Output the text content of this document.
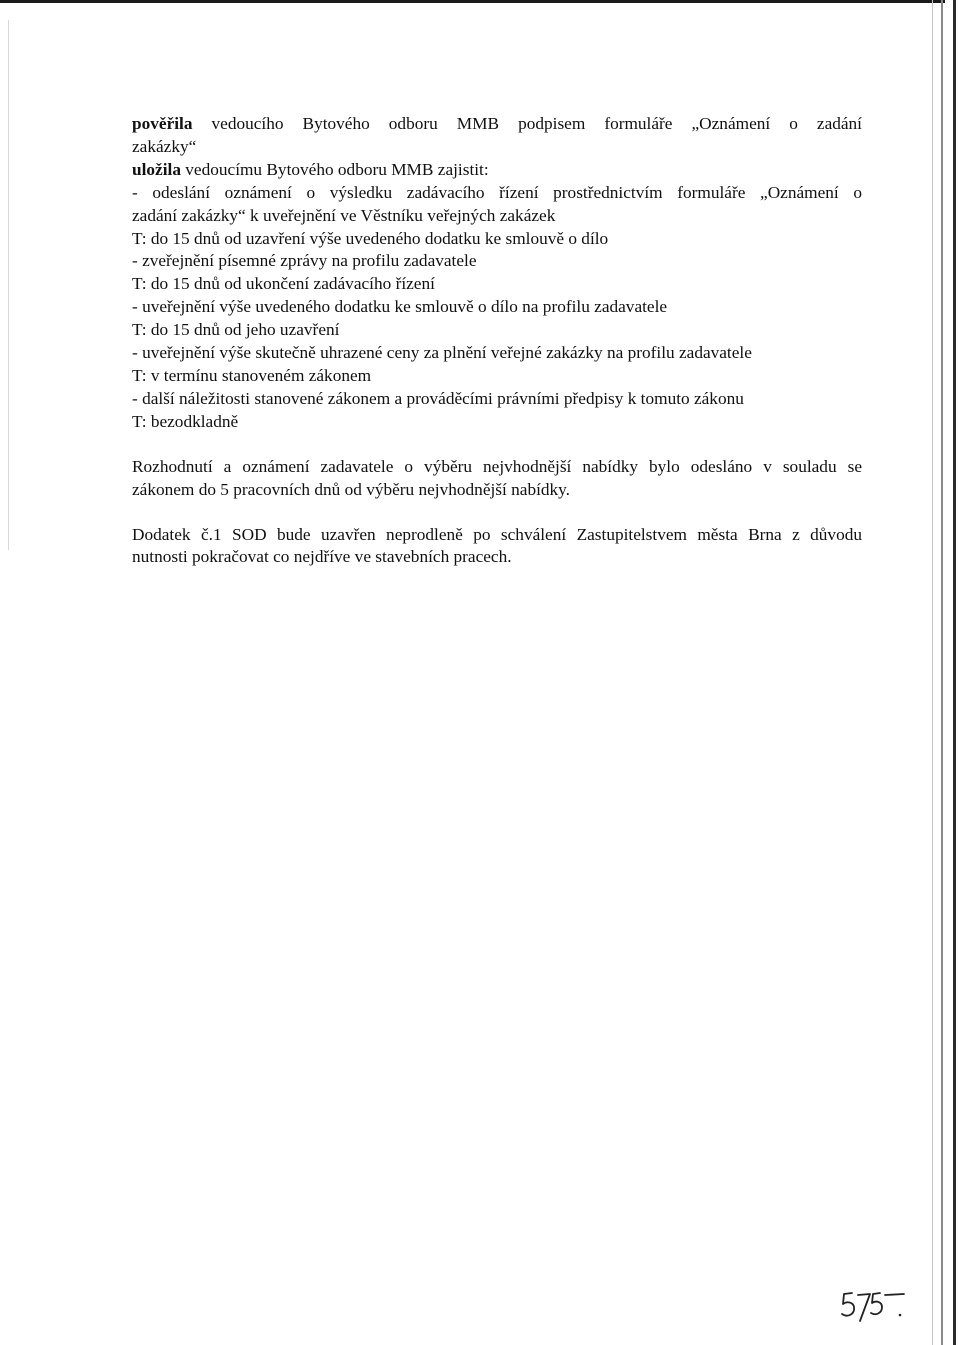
pověřila vedoucího Bytového odboru MMB podpisem formuláře „Oznámení o zadání
zakázky“
uložila vedoucímu Bytového odboru MMB zajistit:
- odeslání oznámení o výsledku zadávacího řízení prostřednictvím formuláře „Oznámení o
zadání zakázky“ k uveřejnění ve Věstníku veřejných zakázek
T: do 15 dnů od uzavření výše uvedeného dodatku ke smlouvě o dílo
- zveřejnění písemné zprávy na profilu zadavatele
T: do 15 dnů od ukončení zadávacího řízení
- uveřejnění výše uvedeného dodatku ke smlouvě o dílo na profilu zadavatele
T: do 15 dnů od jeho uzavření
- uveřejnění výše skutečně uhrazené ceny za plnění veřejné zakázky na profilu zadavatele
T: v termínu stanoveném zákonem
- další náležitosti stanovené zákonem a prováděcími právními předpisy k tomuto zákonu
T: bezodkladně
Rozhodnutí a oznámení zadavatele o výběru nejvhodnější nabídky bylo odesláno v souladu se
zákonem do 5 pracovních dnů od výběru nejvhodnější nabídky.
Dodatek č.1 SOD bude uzavřen neprodleně po schválení Zastupitelstvem města Brna z důvodu
nutnosti pokračovat co nejdříve ve stavebních pracech.
